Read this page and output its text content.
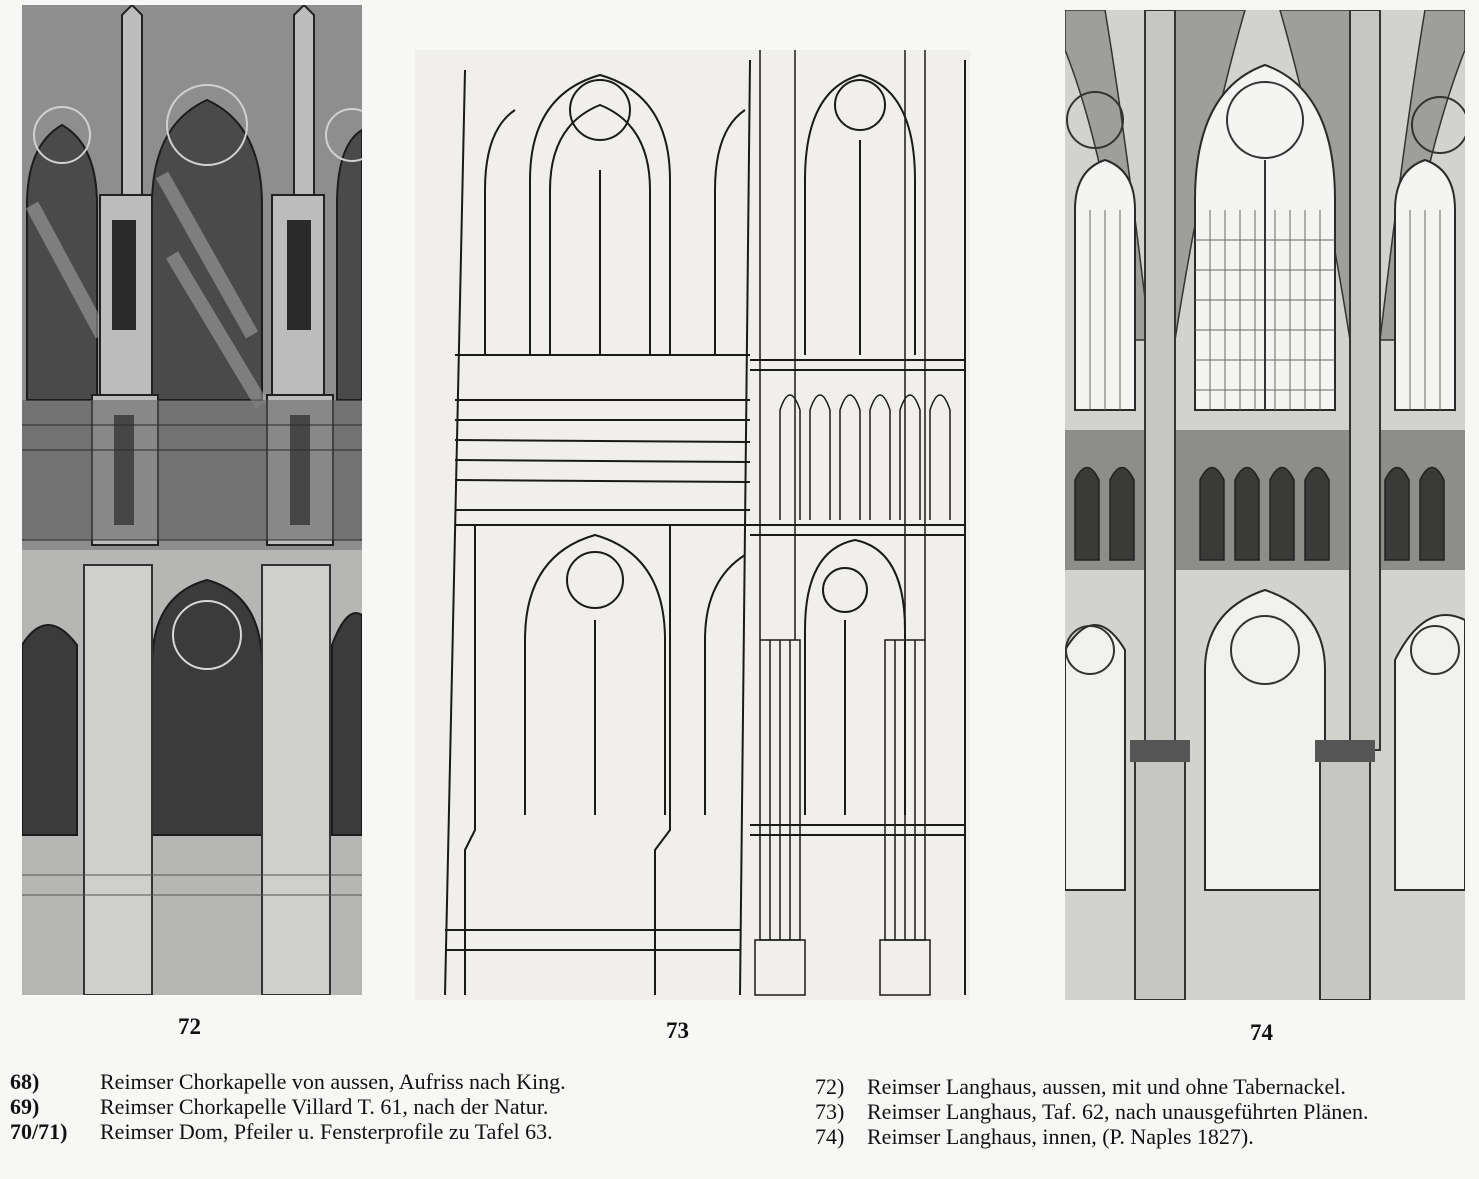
72	73	74
68)	Reimser Chorkapelle von aussen, Aufriss nach King.
69)	Reimser Chorkapelle Villard T. 61, nach der Natur.
70/71)	Reimser Dom, Pfeiler u. Fensterprofile zu Tafel 63.
72)	Reimser Langhaus, aussen, mit und ohne Tabernackel.
73)	Reimser Langhaus, Taf. 62, nach unausgeführten Plänen.
74)	Reimser Langhaus, innen, (P. Naples 1827).
